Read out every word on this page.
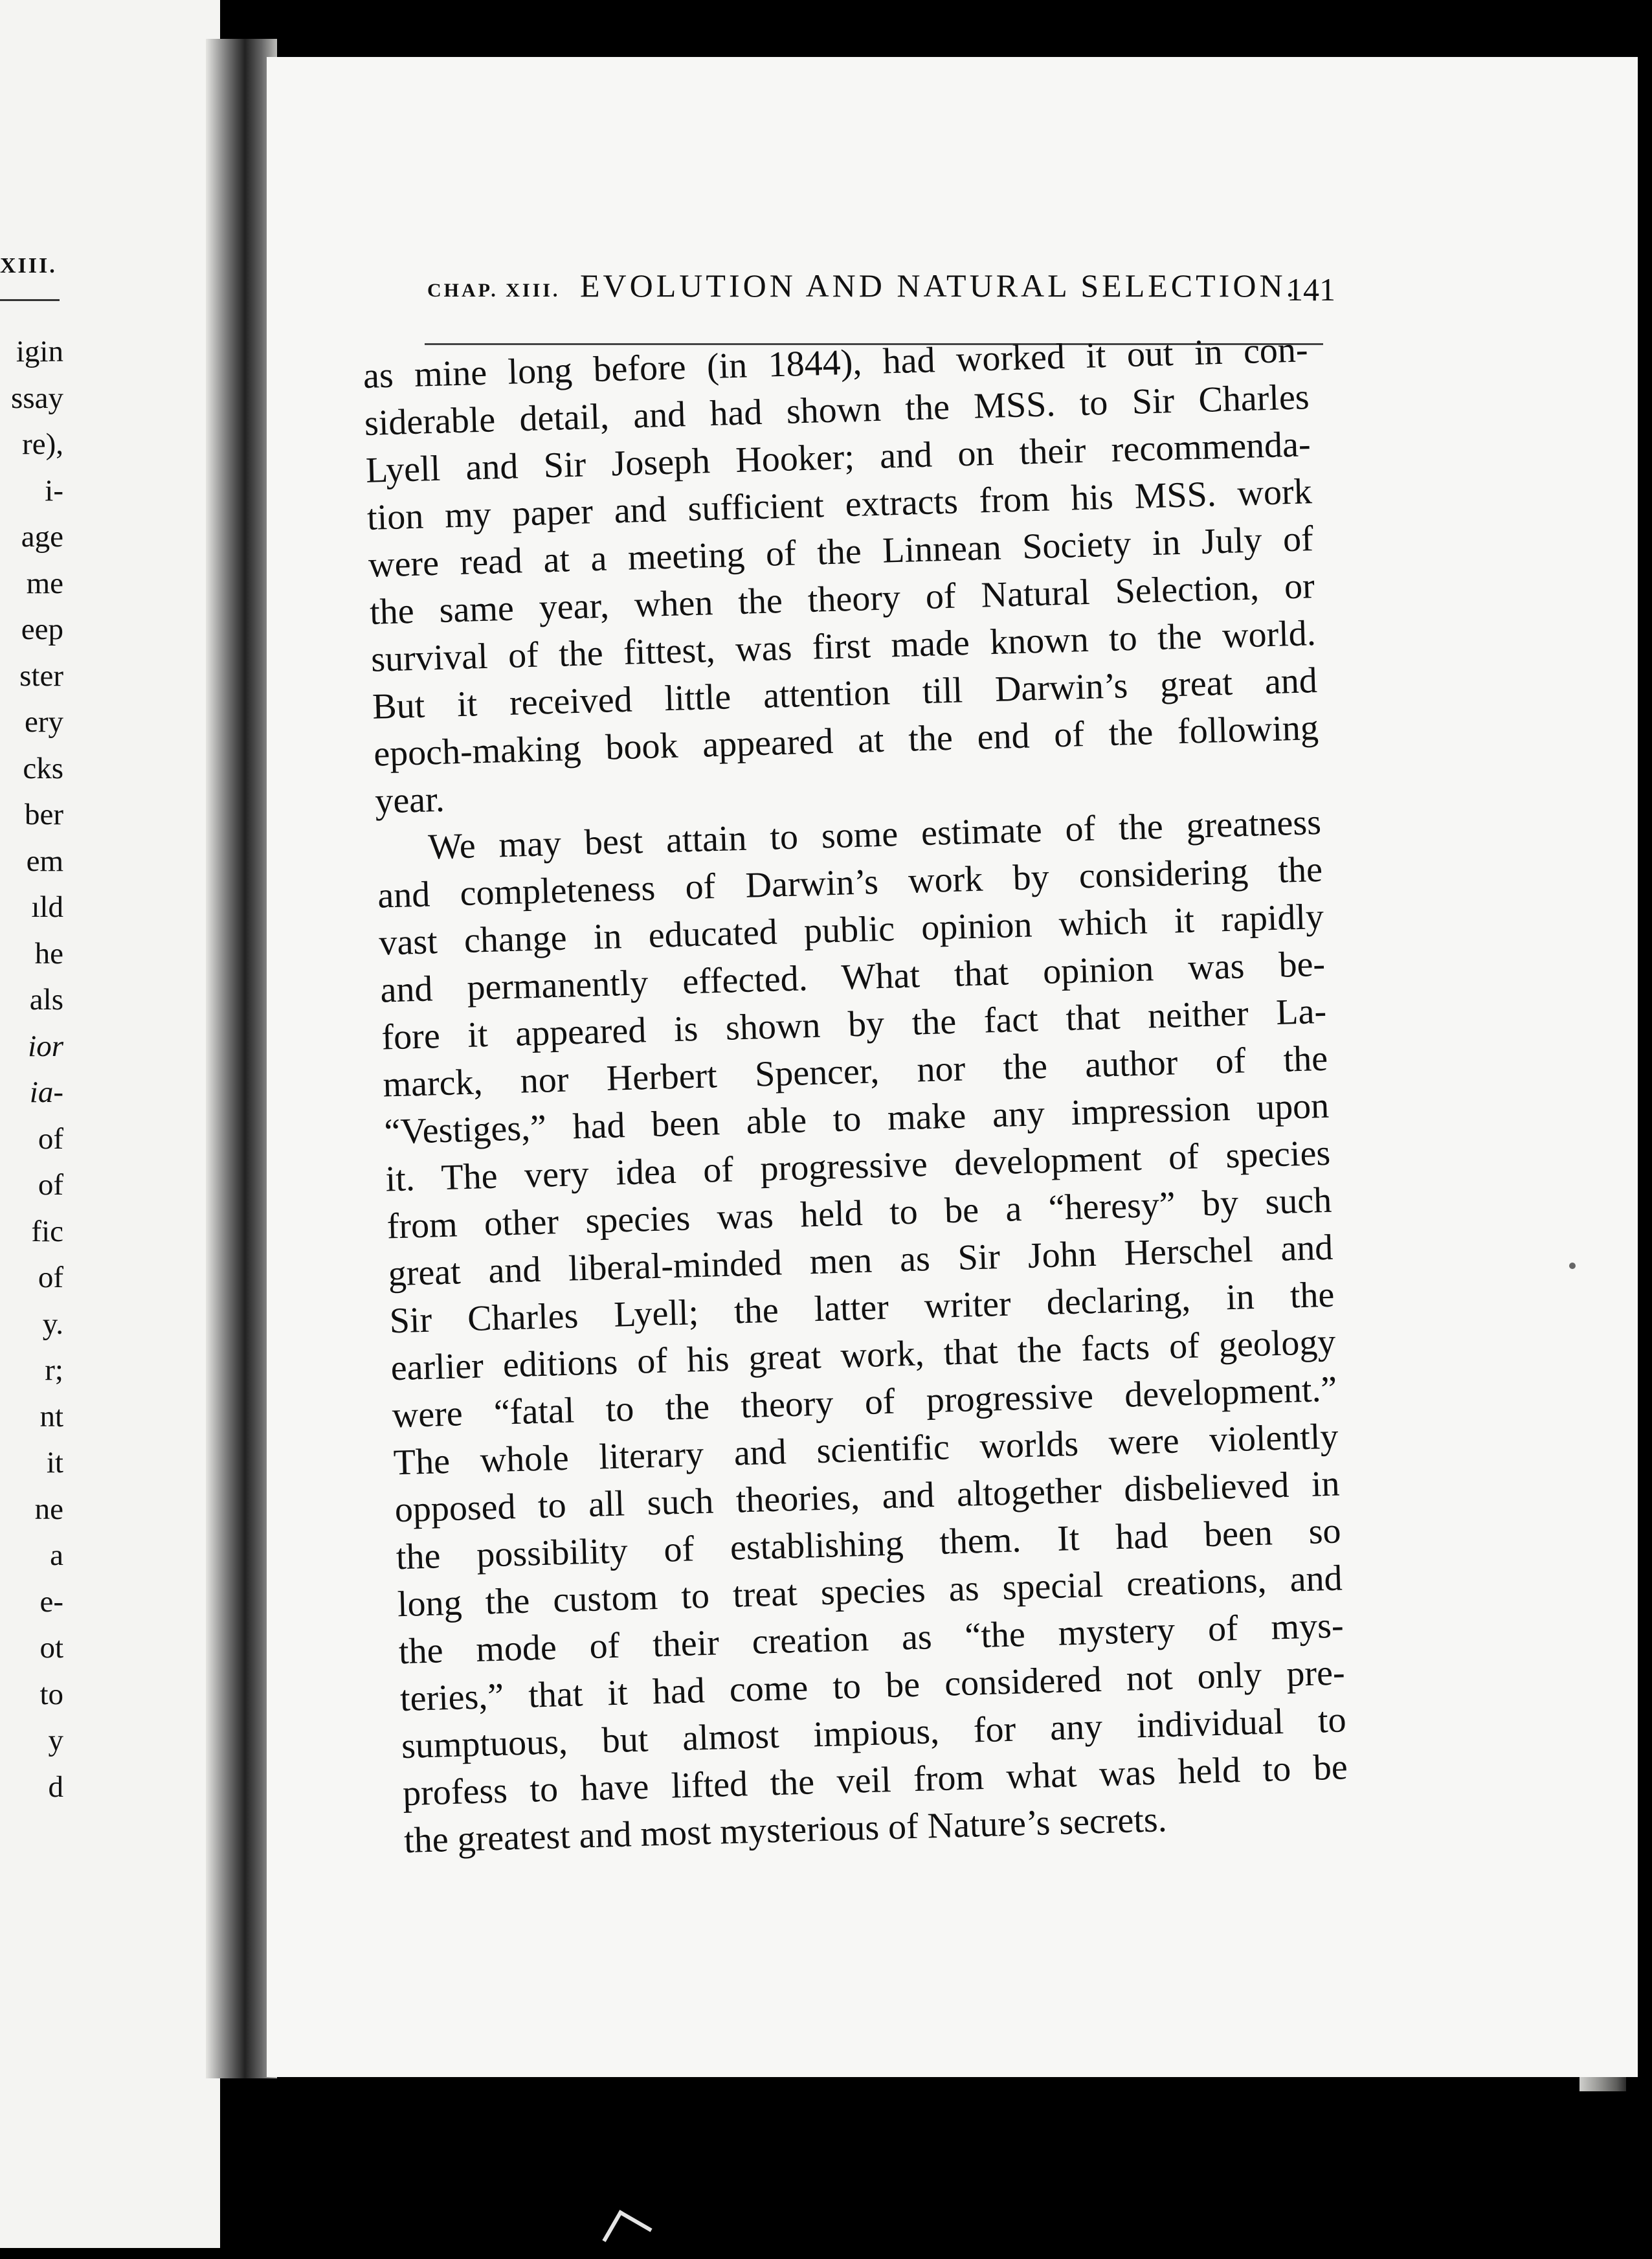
XIII.
igin
ssay
re),
i-
age
me
eep
ster
ery
cks
ber
em
ıld
he
als
ior
ia-
of
of
fic
of
y.
r;
nt
it
ne
a
e-
ot
to
y
d
CHAP. XIII. EVOLUTION AND NATURAL SELECTION.
141
as mine long before (in 1844), had worked it out in con-
siderable detail, and had shown the MSS. to Sir Charles
Lyell and Sir Joseph Hooker; and on their recommenda-
tion my paper and sufficient extracts from his MSS. work
were read at a meeting of the Linnean Society in July of
the same year, when the theory of Natural Selection, or
survival of the fittest, was first made known to the world.
But it received little attention till Darwin’s great and
epoch-making book appeared at the end of the following
year.
We may best attain to some estimate of the greatness
and completeness of Darwin’s work by considering the
vast change in educated public opinion which it rapidly
and permanently effected. What that opinion was be-
fore it appeared is shown by the fact that neither La-
marck, nor Herbert Spencer, nor the author of the
“Vestiges,” had been able to make any impression upon
it. The very idea of progressive development of species
from other species was held to be a “heresy” by such
great and liberal-minded men as Sir John Herschel and
Sir Charles Lyell; the latter writer declaring, in the
earlier editions of his great work, that the facts of geology
were “fatal to the theory of progressive development.”
The whole literary and scientific worlds were violently
opposed to all such theories, and altogether disbelieved in
the possibility of establishing them. It had been so
long the custom to treat species as special creations, and
the mode of their creation as “the mystery of mys-
teries,” that it had come to be considered not only pre-
sumptuous, but almost impious, for any individual to
profess to have lifted the veil from what was held to be
the greatest and most mysterious of Nature’s secrets.
